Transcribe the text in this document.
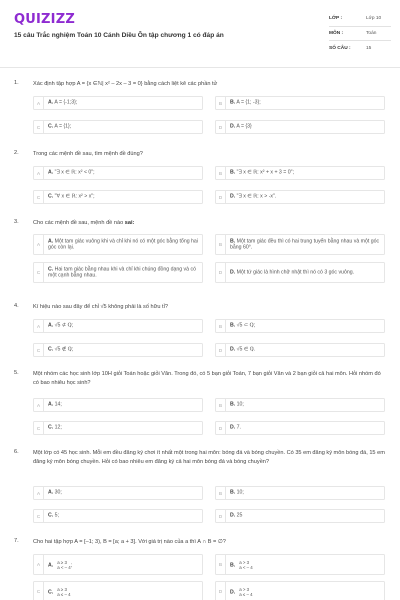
QUIZIZZ
15 câu Trắc nghiệm Toán 10 Cánh Diều Ôn tập chương 1 có đáp án
LỚP :	Lớp 10
MÔN :	Toán
SỐ CÂU :	15
1.	Xác định tập hợp A = {x ∈ℕ| x² – 2x – 3 = 0} bằng cách liệt kê các phần tử
A	A. A = {-1;3};	B	B. A = {1; -3};
C	C. A = {1};	D	D. A = {3}
2.	Trong các mệnh đề sau, tìm mệnh đề đúng?
A	A. "∃ x ∈ ℝ: x² < 0";	B	B. "∃ x ∈ ℝ: x² + x + 3 = 0";
C	C. "∀ x ∈ ℝ: x² > x";	D	D. "∃ x ∈ ℝ: x > -x".
3.	Cho các mệnh đề sau, mệnh đề nào sai:
A
A. Một tam giác vuông khi và chỉ khi nó có một góc bằng tổng hai góc còn lại.	B
B. Một tam giác đều thì có hai trung tuyến bằng nhau và một góc bằng 60°.
C
C. Hai tam giác bằng nhau khi và chỉ khi chúng đồng dạng và có một cạnh bằng nhau.	D	D. Một tứ giác là hình chữ nhật thì nó có 3 góc vuông.
4.	Kí hiệu nào sau đây để chỉ √5 không phải là số hữu tỉ?
A	A. √5 ⊄ ℚ;	B	B. √5 ⊂ ℚ;
C	C. √5 ∉ ℚ;	D	D. √5 ∈ ℚ.
5.	Một nhóm các học sinh lớp 10H giỏi Toán hoặc giỏi Văn. Trong đó, có 5 bạn giỏi Toán, 7 bạn giỏi Văn và 2 bạn giỏi cả hai môn. Hỏi nhóm đó có bao nhiêu học sinh?
A	A. 14;	B	B. 10;
C	C. 12;	D	D. 7.
6.	Một lớp có 45 học sinh. Mỗi em đều đăng ký chơi ít nhất một trong hai môn: bóng đá và bóng chuyền. Có 35 em đăng ký môn bóng đá, 15 em đăng ký môn bóng chuyền. Hỏi có bao nhiêu em đăng ký cả hai môn bóng đá và bóng chuyền?
A	A. 30;	B	B. 10;
C	C. 5;	D	D. 25
7.	Cho hai tập hợp A = [–1; 3), B = [a; a + 3]. Với giá trị nào của a thì A ∩ B = ∅?
A	A. a ≥ 3
a < – 4 ;	B	B. a > 3
a < – 4
C	C. a ≥ 3
a ≤ – 4	D	D. a > 3
a ≤ – 4
